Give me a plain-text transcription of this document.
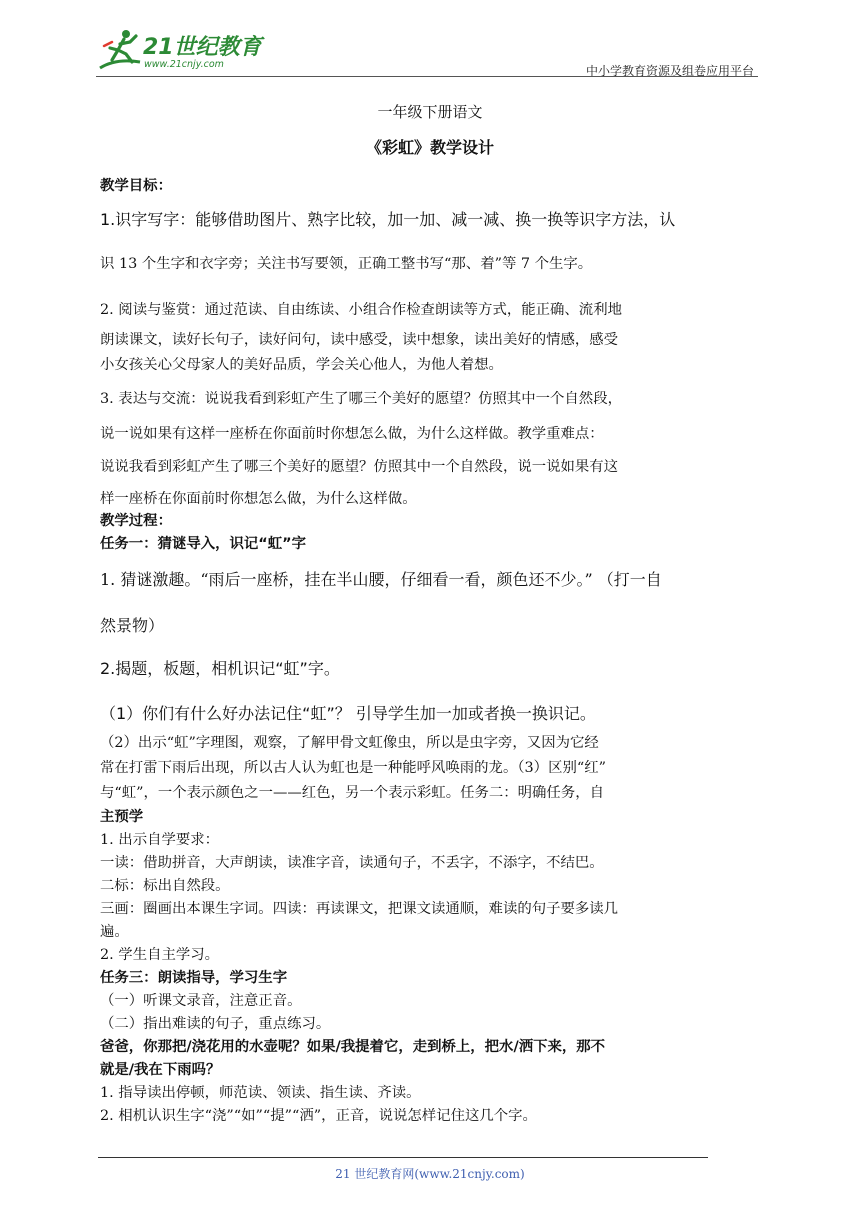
21世纪教育
www.21cnjy.com	中小学教育资源及组卷应用平台
一年级下册语文
《彩虹》教学设计
教学目标：
1.识字写字：能够借助图片、熟字比较，加一加、减一减、换一换等识字方法，认
识 13 个生字和衣字旁；关注书写要领，正确工整书写“那、着”等 7 个生字。
2. 阅读与鉴赏：通过范读、自由练读、小组合作检查朗读等方式，能正确、流利地
朗读课文，读好长句子，读好问句，读中感受，读中想象，读出美好的情感，感受
小女孩关心父母家人的美好品质，学会关心他人，为他人着想。
3. 表达与交流：说说我看到彩虹产生了哪三个美好的愿望？仿照其中一个自然段，
说一说如果有这样一座桥在你面前时你想怎么做，为什么这样做。教学重难点：
说说我看到彩虹产生了哪三个美好的愿望？仿照其中一个自然段，说一说如果有这
样一座桥在你面前时你想怎么做，为什么这样做。
教学过程：
任务一：猜谜导入，识记“虹”字
1. 猜谜激趣。“雨后一座桥，挂在半山腰，仔细看一看，颜色还不少。” （打一自
然景物）
2.揭题，板题，相机识记“虹”字。
（1）你们有什么好办法记住“虹”？ 引导学生加一加或者换一换识记。
（2）出示“虹”字理图，观察，了解甲骨文虹像虫，所以是虫字旁，又因为它经
常在打雷下雨后出现，所以古人认为虹也是一种能呼风唤雨的龙。（3）区别“红”
与“虹”，一个表示颜色之一——红色，另一个表示彩虹。任务二：明确任务，自
主预学
1. 出示自学要求：
一读：借助拼音，大声朗读，读准字音，读通句子，不丢字，不添字，不结巴。
二标：标出自然段。
三画：圈画出本课生字词。四读：再读课文，把课文读通顺，难读的句子要多读几
遍。
2. 学生自主学习。
任务三：朗读指导，学习生字
（一）听课文录音，注意正音。
（二）指出难读的句子，重点练习。
爸爸，你那把/浇花用的水壶呢？如果/我提着它，走到桥上，把水/洒下来，那不
就是/我在下雨吗？
1. 指导读出停顿，师范读、领读、指生读、齐读。
2. 相机认识生字“浇”“如”“提”“洒”，正音，说说怎样记住这几个字。
21 世纪教育网(www.21cnjy.com)
